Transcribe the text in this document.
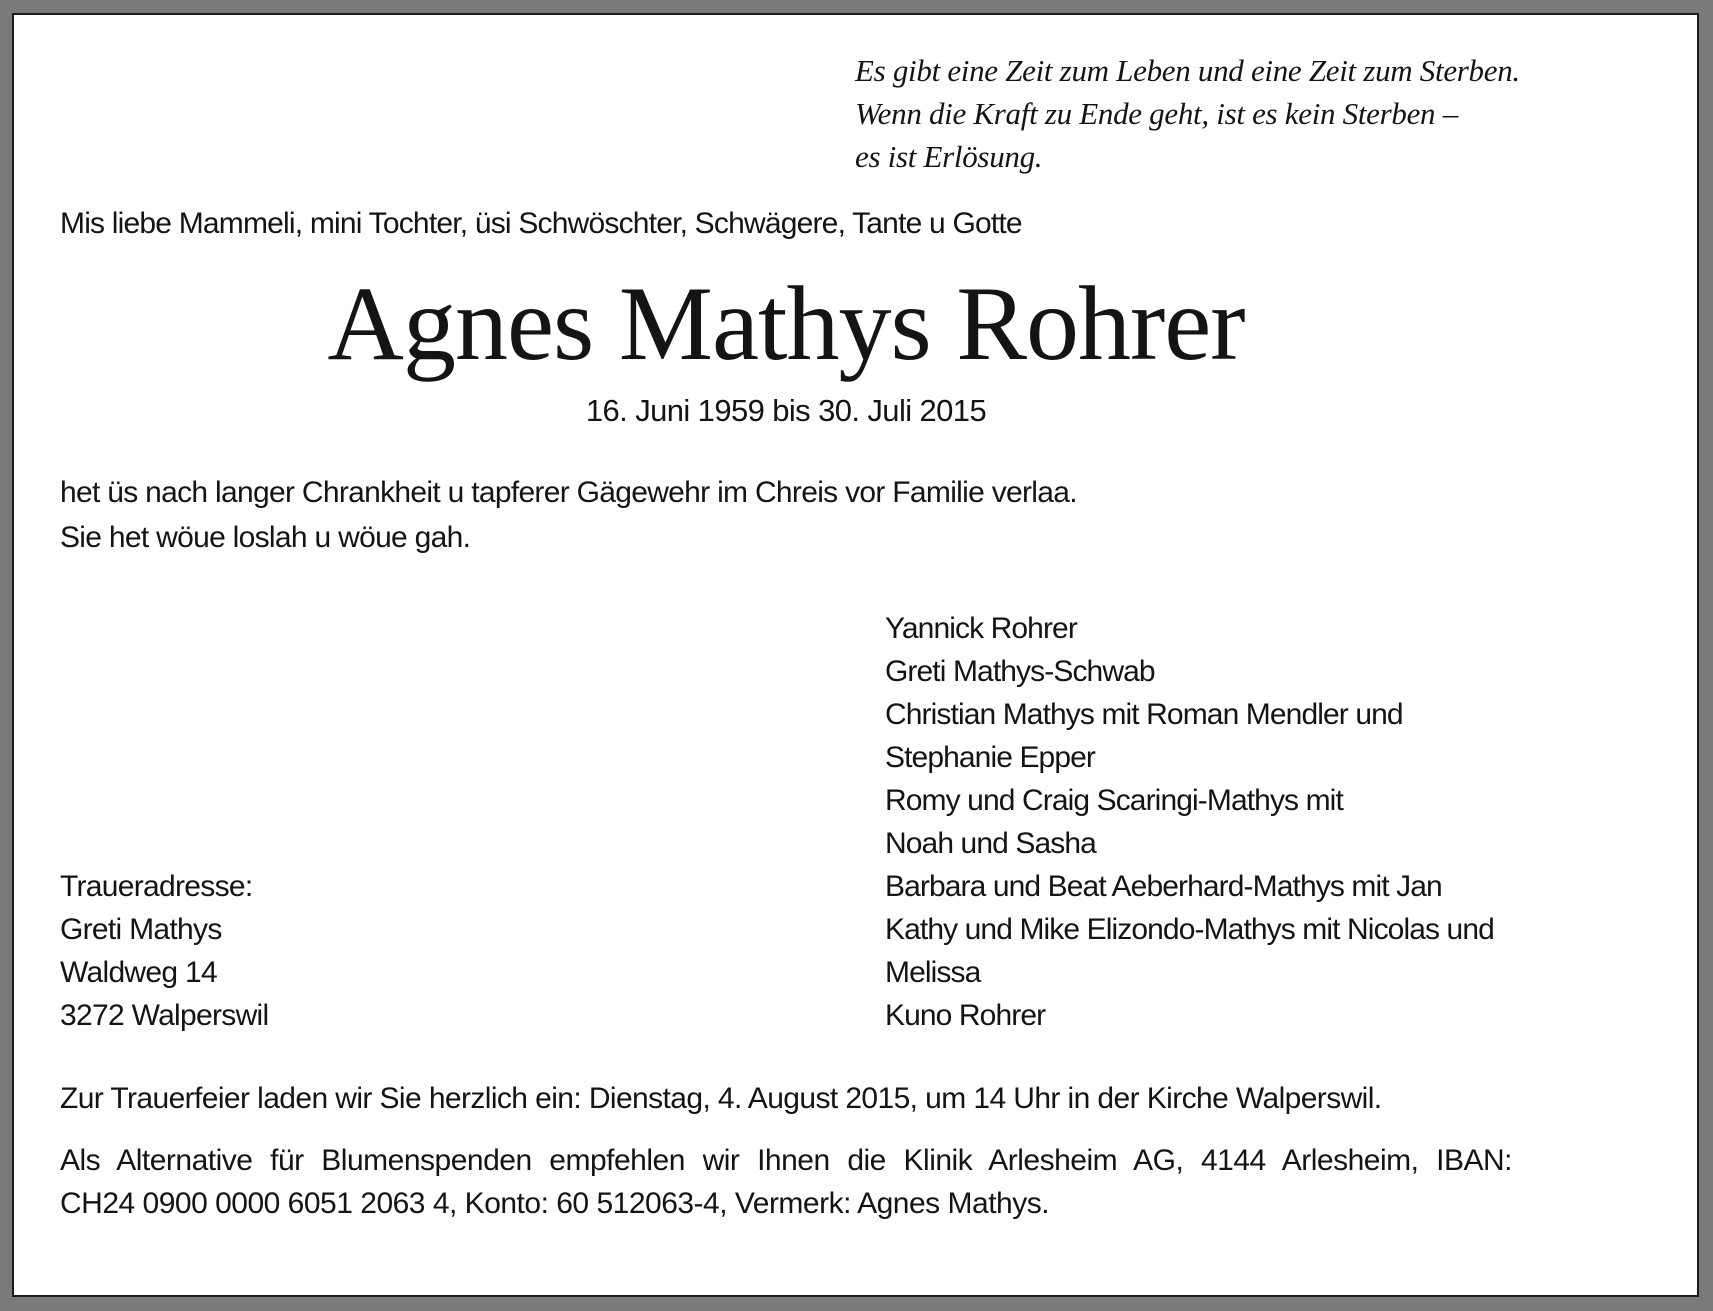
Es gibt eine Zeit zum Leben und eine Zeit zum Sterben.
Wenn die Kraft zu Ende geht, ist es kein Sterben –
es ist Erlösung.
Mis liebe Mammeli, mini Tochter, üsi Schwöschter, Schwägere, Tante u Gotte
Agnes Mathys Rohrer
16. Juni 1959 bis 30. Juli 2015
het üs nach langer Chrankheit u tapferer Gägewehr im Chreis vor Familie verlaa.
Sie het wöue loslah u wöue gah.
Traueradresse:
Greti Mathys
Waldweg 14
3272 Walperswil
Yannick Rohrer
Greti Mathys-Schwab
Christian Mathys mit Roman Mendler und
Stephanie Epper
Romy und Craig Scaringi-Mathys mit
Noah und Sasha
Barbara und Beat Aeberhard-Mathys mit Jan
Kathy und Mike Elizondo-Mathys mit Nicolas und
Melissa
Kuno Rohrer
Zur Trauerfeier laden wir Sie herzlich ein: Dienstag, 4. August 2015, um 14 Uhr in der Kirche Walperswil.
Als Alternative für Blumenspenden empfehlen wir Ihnen die Klinik Arlesheim AG, 4144 Arlesheim, IBAN:
CH24 0900 0000 6051 2063 4, Konto: 60 512063-4, Vermerk: Agnes Mathys.
